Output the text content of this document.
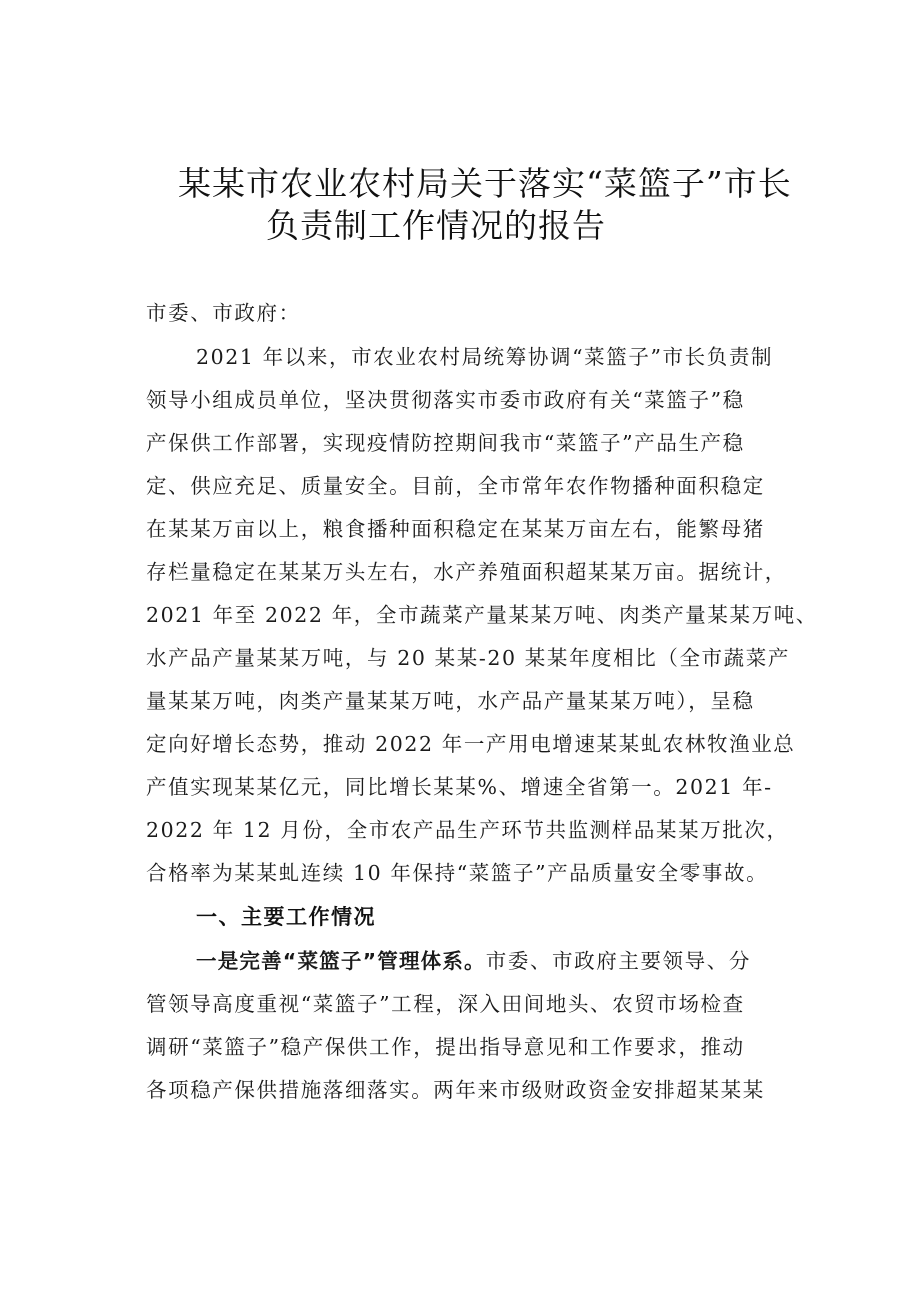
某某市农业农村局关于落实“菜篮子”市长
负责制工作情况的报告
市委、市政府：
2021 年以来，市农业农村局统筹协调“菜篮子”市长负责制
领导小组成员单位，坚决贯彻落实市委市政府有关“菜篮子”稳
产保供工作部署，实现疫情防控期间我市“菜篮子”产品生产稳
定、供应充足、质量安全。目前，全市常年农作物播种面积稳定
在某某万亩以上，粮食播种面积稳定在某某万亩左右，能繁母猪
存栏量稳定在某某万头左右，水产养殖面积超某某万亩。据统计，
2021 年至 2022 年，全市蔬菜产量某某万吨、肉类产量某某万吨、
水产品产量某某万吨，与 20 某某-20 某某年度相比（全市蔬菜产
量某某万吨，肉类产量某某万吨，水产品产量某某万吨），呈稳
定向好增长态势，推动 2022 年一产用电增速某某虬农林牧渔业总
产值实现某某亿元，同比增长某某%、增速全省第一。2021 年-
2022 年 12 月份，全市农产品生产环节共监测样品某某万批次，
合格率为某某虬连续 10 年保持“菜篮子”产品质量安全零事故。
一、主要工作情况
一是完善“菜篮子”管理体系。市委、市政府主要领导、分
管领导高度重视“菜篮子”工程，深入田间地头、农贸市场检查
调研“菜篮子”稳产保供工作，提出指导意见和工作要求，推动
各项稳产保供措施落细落实。两年来市级财政资金安排超某某某
